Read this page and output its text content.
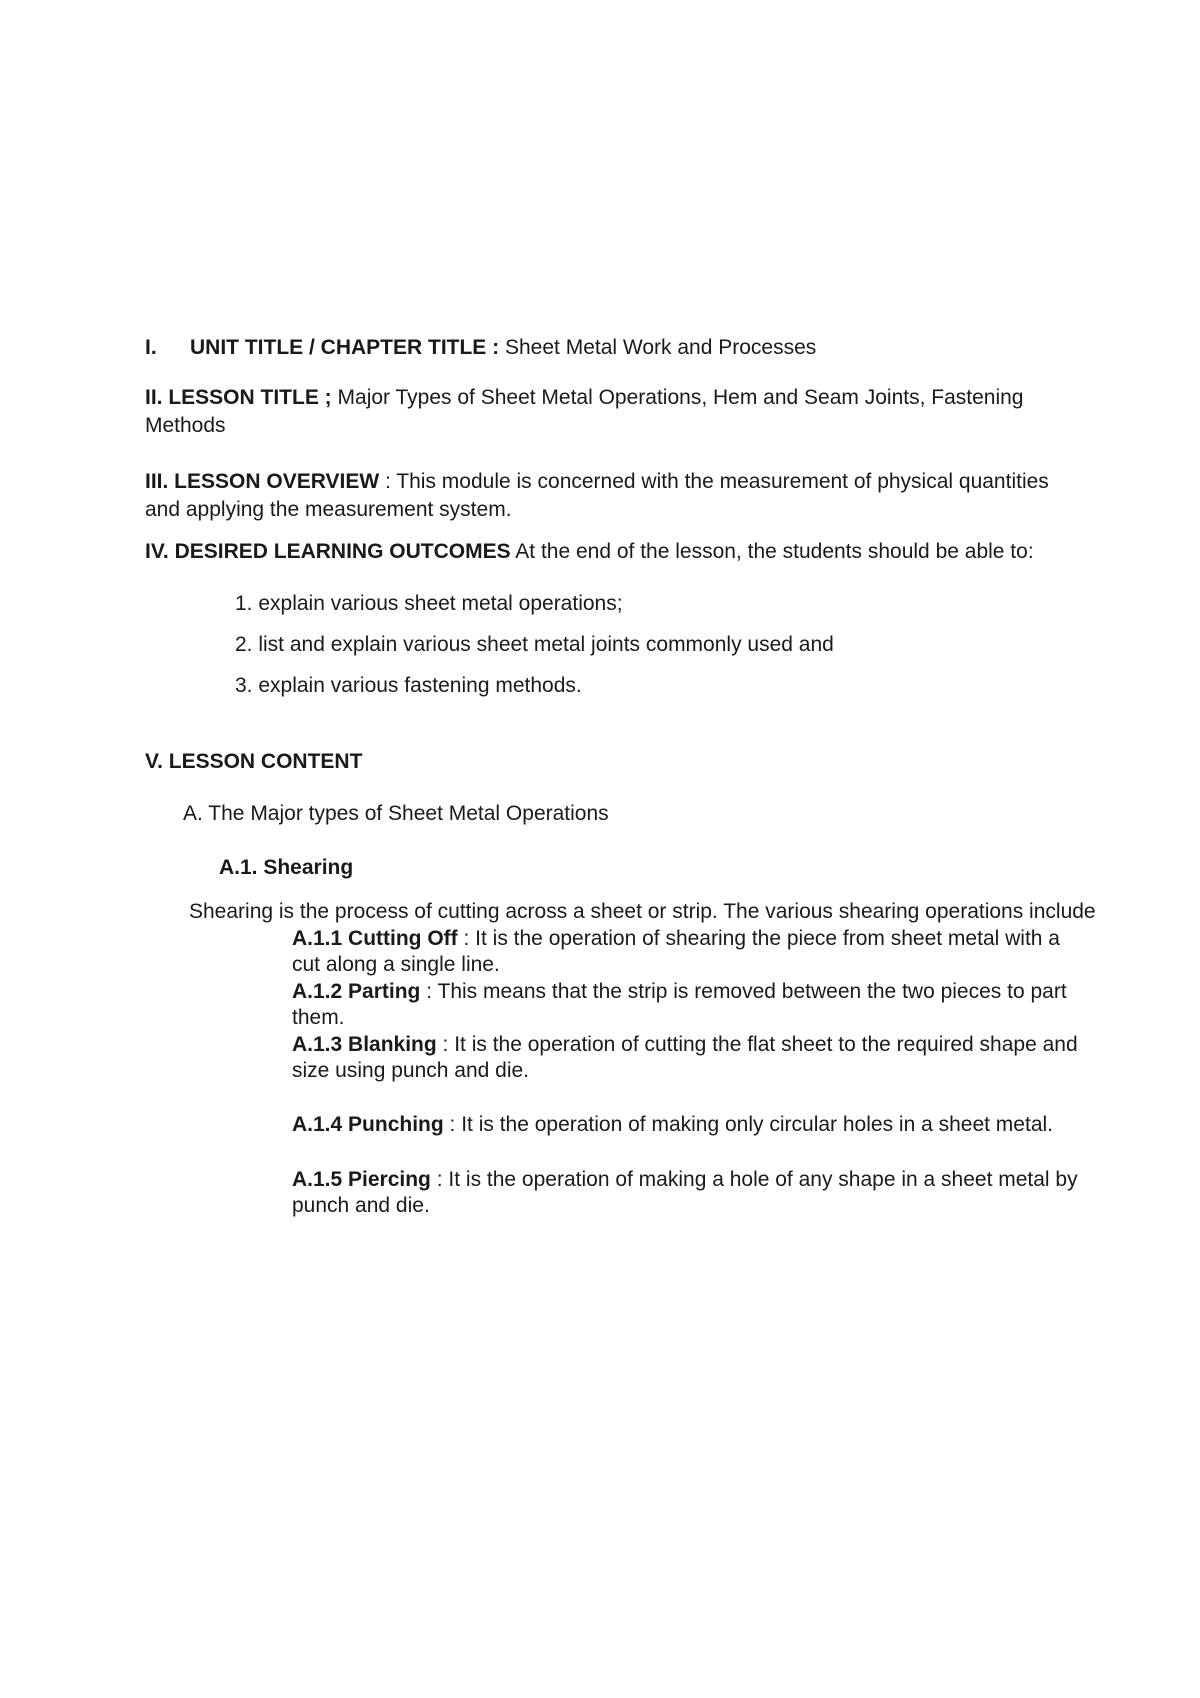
I. UNIT TITLE / CHAPTER TITLE : Sheet Metal Work and Processes
II. LESSON TITLE ; Major Types of Sheet Metal Operations, Hem and Seam Joints, Fastening
Methods
III. LESSON OVERVIEW : This module is concerned with the measurement of physical quantities
and applying the measurement system.
IV. DESIRED LEARNING OUTCOMES At the end of the lesson, the students should be able to:
1. explain various sheet metal operations;
2. list and explain various sheet metal joints commonly used and
3. explain various fastening methods.
V. LESSON CONTENT
A. The Major types of Sheet Metal Operations
A.1. Shearing
Shearing is the process of cutting across a sheet or strip. The various shearing operations include
A.1.1 Cutting Off : It is the operation of shearing the piece from sheet metal with a
cut along a single line.
A.1.2 Parting : This means that the strip is removed between the two pieces to part
them.
A.1.3 Blanking : It is the operation of cutting the flat sheet to the required shape and
size using punch and die.
A.1.4 Punching : It is the operation of making only circular holes in a sheet metal.
A.1.5 Piercing : It is the operation of making a hole of any shape in a sheet metal by
punch and die.
